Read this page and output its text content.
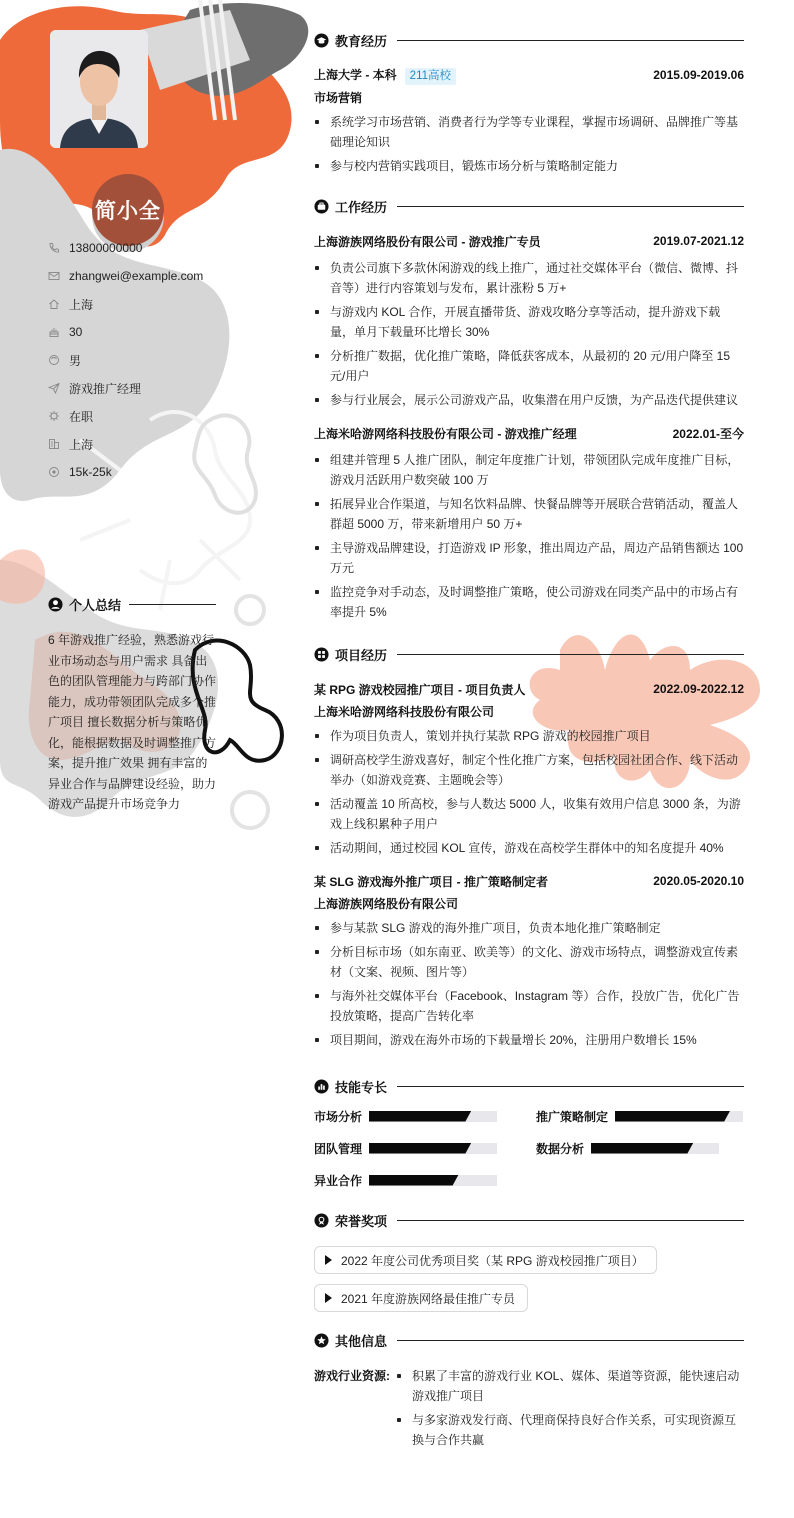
简小全
13800000000
zhangwei@example.com
上海
30
男
游戏推广经理
在职
上海
15k-25k
个人总结
6 年游戏推广经验，熟悉游戏行业市场动态与用户需求 具备出色的团队管理能力与跨部门协作能力，成功带领团队完成多个推广项目 擅长数据分析与策略优化，能根据数据及时调整推广方案，提升推广效果 拥有丰富的异业合作与品牌建设经验，助力游戏产品提升市场竞争力
教育经历
上海大学 - 本科 211高校	2015.09-2019.06
市场营销
系统学习市场营销、消费者行为学等专业课程，掌握市场调研、品牌推广等基础理论知识
参与校内营销实践项目，锻炼市场分析与策略制定能力
工作经历
上海游族网络股份有限公司 - 游戏推广专员	2019.07-2021.12
负责公司旗下多款休闲游戏的线上推广，通过社交媒体平台（微信、微博、抖音等）进行内容策划与发布，累计涨粉 5 万+
与游戏内 KOL 合作，开展直播带货、游戏攻略分享等活动，提升游戏下载量，单月下载量环比增长 30%
分析推广数据，优化推广策略，降低获客成本，从最初的 20 元/用户降至 15 元/用户
参与行业展会，展示公司游戏产品，收集潜在用户反馈，为产品迭代提供建议
上海米哈游网络科技股份有限公司 - 游戏推广经理	2022.01-至今
组建并管理 5 人推广团队，制定年度推广计划，带领团队完成年度推广目标，游戏月活跃用户数突破 100 万
拓展异业合作渠道，与知名饮料品牌、快餐品牌等开展联合营销活动，覆盖人群超 5000 万，带来新增用户 50 万+
主导游戏品牌建设，打造游戏 IP 形象，推出周边产品，周边产品销售额达 100 万元
监控竞争对手动态，及时调整推广策略，使公司游戏在同类产品中的市场占有率提升 5%
项目经历
某 RPG 游戏校园推广项目 - 项目负责人	2022.09-2022.12
上海米哈游网络科技股份有限公司
作为项目负责人，策划并执行某款 RPG 游戏的校园推广项目
调研高校学生游戏喜好，制定个性化推广方案，包括校园社团合作、线下活动举办（如游戏竞赛、主题晚会等）
活动覆盖 10 所高校，参与人数达 5000 人，收集有效用户信息 3000 条，为游戏上线积累种子用户
活动期间，通过校园 KOL 宣传，游戏在高校学生群体中的知名度提升 40%
某 SLG 游戏海外推广项目 - 推广策略制定者	2020.05-2020.10
上海游族网络股份有限公司
参与某款 SLG 游戏的海外推广项目，负责本地化推广策略制定
分析目标市场（如东南亚、欧美等）的文化、游戏市场特点，调整游戏宣传素材（文案、视频、图片等）
与海外社交媒体平台（Facebook、Instagram 等）合作，投放广告，优化广告投放策略，提高广告转化率
项目期间，游戏在海外市场的下载量增长 20%，注册用户数增长 15%
技能专长
市场分析	推广策略制定
团队管理	数据分析
异业合作
荣誉奖项
2022 年度公司优秀项目奖（某 RPG 游戏校园推广项目）

2021 年度游族网络最佳推广专员
其他信息
游戏行业资源:	积累了丰富的游戏行业 KOL、媒体、渠道等资源，能快速启动游戏推广项目
与多家游戏发行商、代理商保持良好合作关系，可实现资源互换与合作共赢
